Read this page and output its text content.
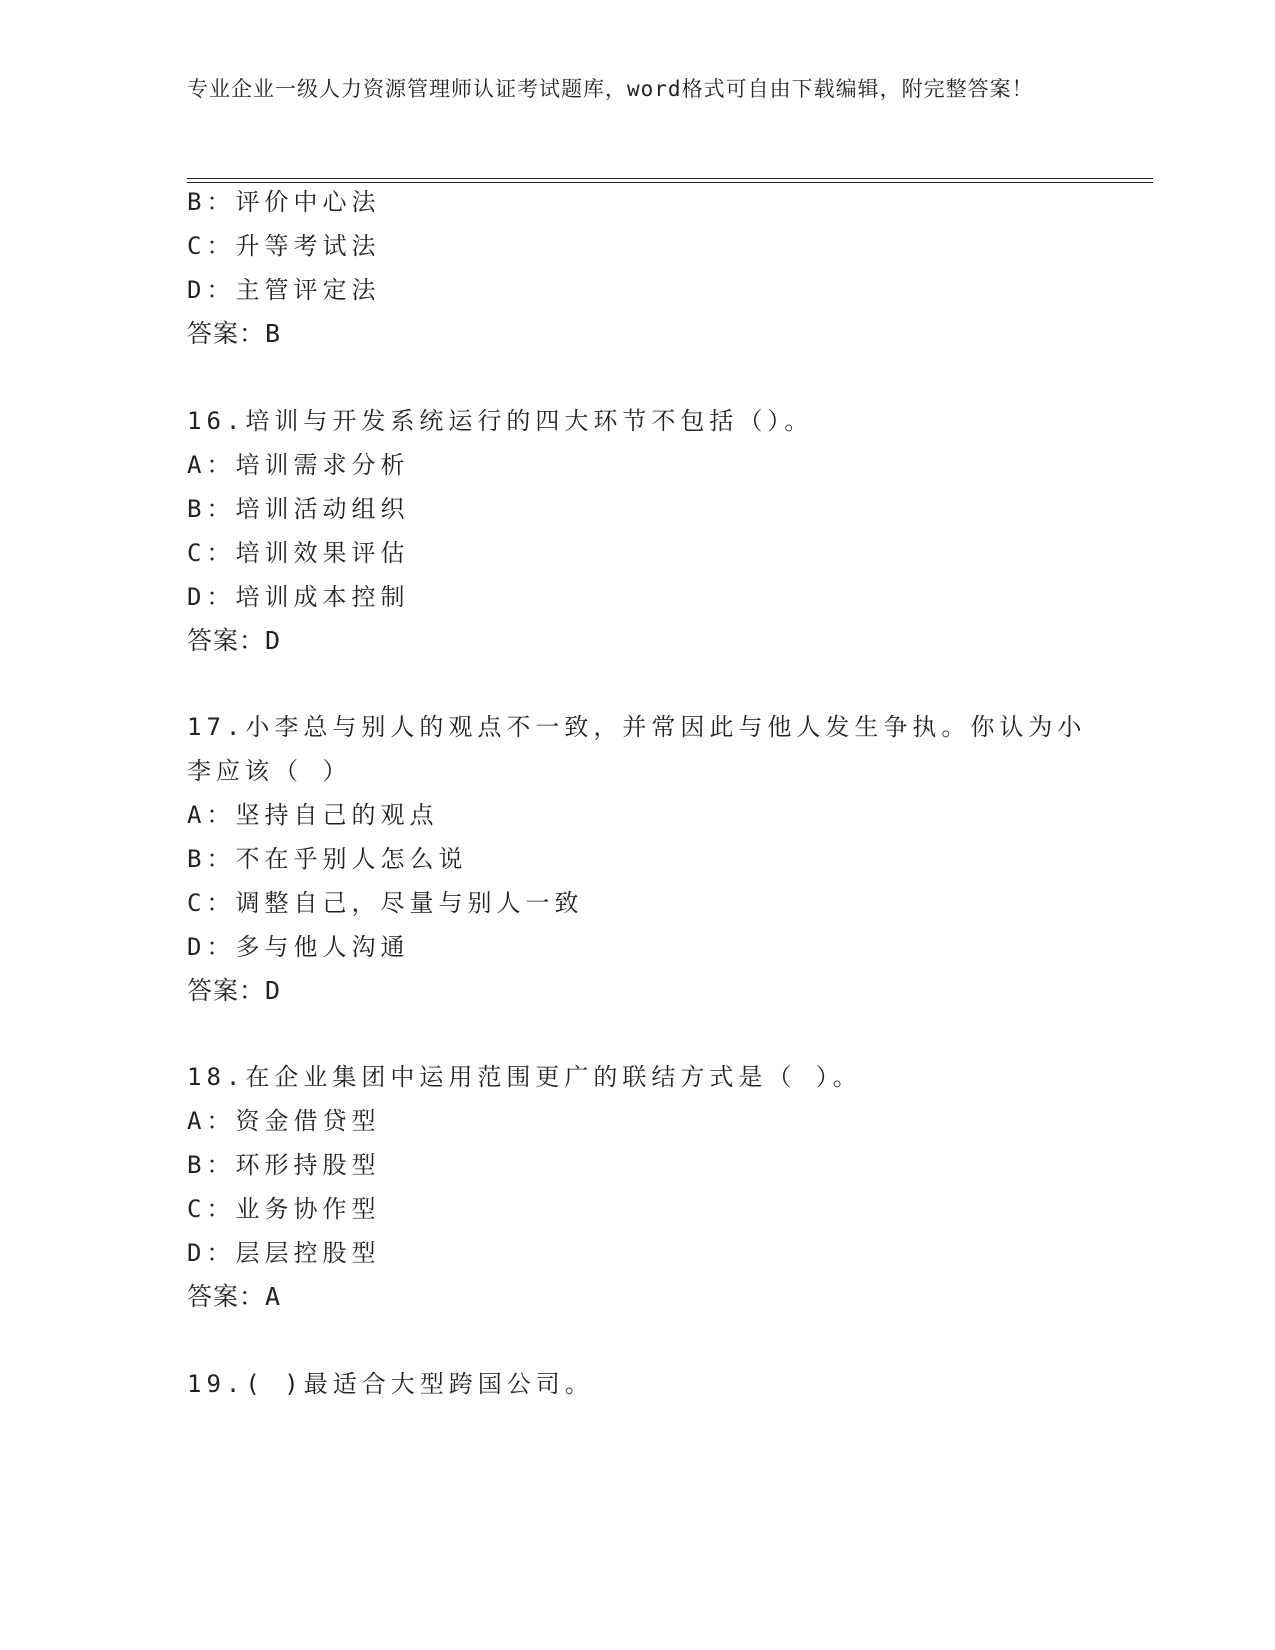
专业企业一级人力资源管理师认证考试题库，word格式可自由下载编辑，附完整答案！
B：评价中心法
C：升等考试法
D：主管评定法
答案：B
16.培训与开发系统运行的四大环节不包括（）。
A：培训需求分析
B：培训活动组织
C：培训效果评估
D：培训成本控制
答案：D
17.小李总与别人的观点不一致，并常因此与他人发生争执。你认为小
李应该（ ）
A：坚持自己的观点
B：不在乎别人怎么说
C：调整自己，尽量与别人一致
D：多与他人沟通
答案：D
18.在企业集团中运用范围更广的联结方式是（ ）。
A：资金借贷型
B：环形持股型
C：业务协作型
D：层层控股型
答案：A
19.( )最适合大型跨国公司。
